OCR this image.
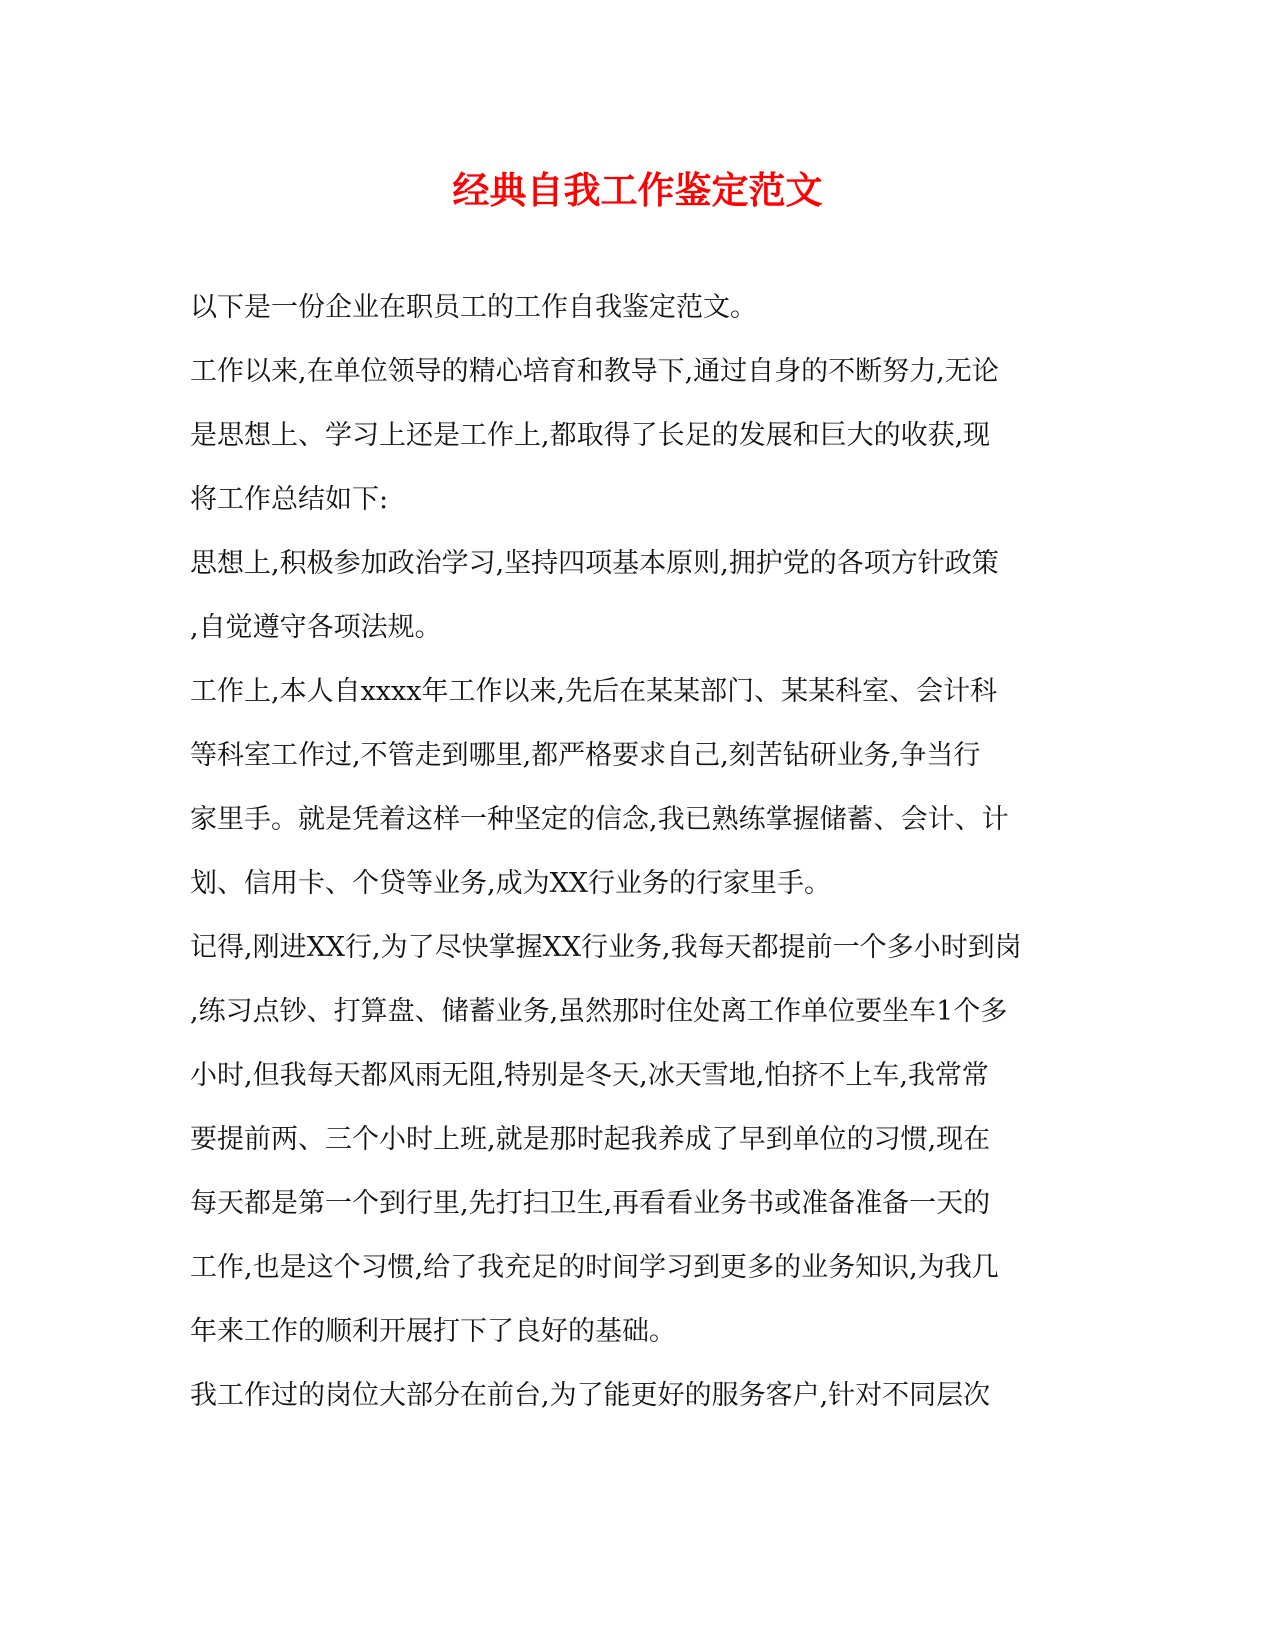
经典自我工作鉴定范文

以下是一份企业在职员工的工作自我鉴定范文。

工作以来,在单位领导的精心培育和教导下,通过自身的不断努力,无论

是思想上、学习上还是工作上,都取得了长足的发展和巨大的收获,现

将工作总结如下:

思想上,积极参加政治学习,坚持四项基本原则,拥护党的各项方针政策

,自觉遵守各项法规。

工作上,本人自xxxx年工作以来,先后在某某部门、某某科室、会计科

等科室工作过,不管走到哪里,都严格要求自己,刻苦钻研业务,争当行

家里手。就是凭着这样一种坚定的信念,我已熟练掌握储蓄、会计、计

划、信用卡、个贷等业务,成为XX行业务的行家里手。

记得,刚进XX行,为了尽快掌握XX行业务,我每天都提前一个多小时到岗

,练习点钞、打算盘、储蓄业务,虽然那时住处离工作单位要坐车1个多

小时,但我每天都风雨无阻,特别是冬天,冰天雪地,怕挤不上车,我常常

要提前两、三个小时上班,就是那时起我养成了早到单位的习惯,现在

每天都是第一个到行里,先打扫卫生,再看看业务书或准备准备一天的

工作,也是这个习惯,给了我充足的时间学习到更多的业务知识,为我几

年来工作的顺利开展打下了良好的基础。

我工作过的岗位大部分在前台,为了能更好的服务客户,针对不同层次
